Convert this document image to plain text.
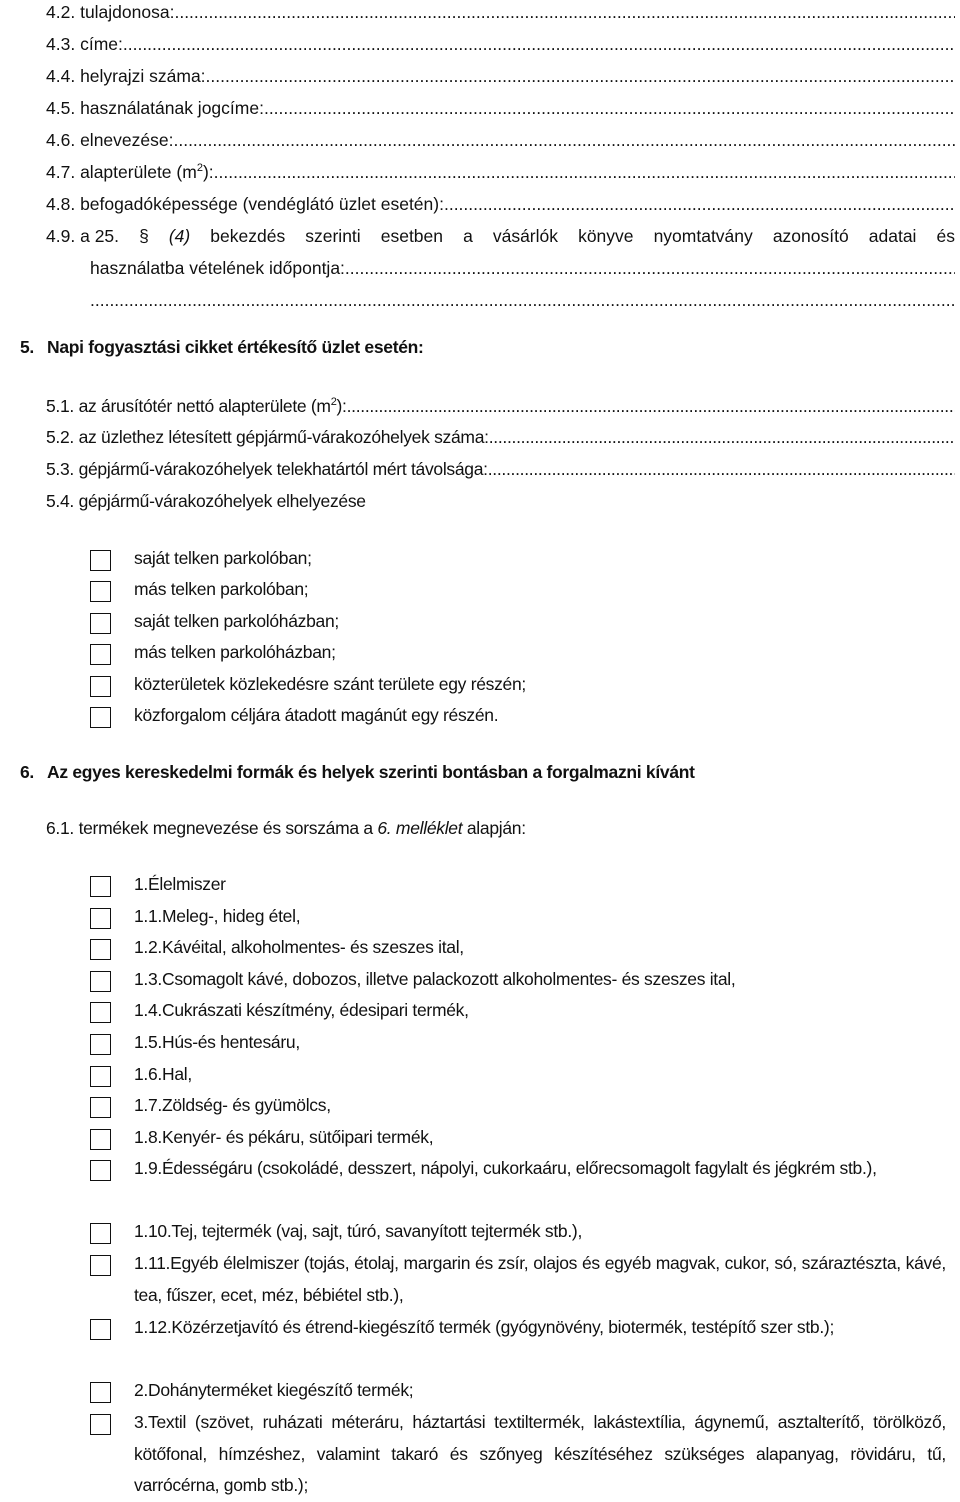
4.2.
tulajdonosa:
.....
4.3.
címe:
.....
4.4.
helyrajzi száma:
.....
4.5.
használatának jogcíme:
.....
4.6.
elnevezése:
.....
4.7.
alapterülete $(m^2)$:
.....
4.8.
befogadóképessége (vendéglátó üzlet esetén):
.....
4.9. a 25. § (4) bekezdés szerinti esetben a vásárlók könyve nyomtatvány azonosító adatai és
használatba vételének időpontja:
.....
.....
5. Napi fogyasztási cikket értékesítő üzlet esetén:
5.1.
az árusítótér nettó alapterülete $(m^2)$:
.....
5.2.
az üzlethez létesített gépjármű-várakozóhelyek száma:
.....
5.3.
gépjármű-várakozóhelyek telekhatártól mért távolsága:
.....
5.4.
gépjármű-várakozóhelyek elhelyezése
saját telken parkolóban;
más telken parkolóban;
saját telken parkolóházban;
más telken parkolóházban;
közterületek közlekedésre szánt területe egy részén;
közforgalom céljára átadott magánút egy részén.
6. Az egyes kereskedelmi formák és helyek szerinti bontásban a forgalmazni kívánt
6.1.
termékek megnevezése és sorszáma a
6. melléklet
alapján:
1.Élelmiszer
1.1.Meleg-, hideg étel,
1.2.Kávéital, alkoholmentes- és szeszes ital,
1.3.Csomagolt kávé, dobozos, illetve palackozott alkoholmentes- és szeszes ital,
1.4.Cukrászati készítmény, édesipari termék,
1.5.Hús-és hentesáru,
1.6.Hal,
1.7.Zöldség- és gyümölcs,
1.8.Kenyér- és pékáru, sütőipari termék,
1.9.Édességáru (csokoládé, desszert, nápolyi, cukorkaáru, előrecsomagolt fagylalt és jégkrém stb.),
1.10.Tej, tejtermék (vaj, sajt, túró, savanyított tejtermék stb.),
1.11.Egyéb élelmiszer (tojás, étolaj, margarin és zsír, olajos és egyéb magvak, cukor, só, száraztészta, kávé, tea, fűszer, ecet, méz, bébiétel stb.),
1.12.Közérzetjavító és étrend-kiegészítő termék (gyógynövény, biotermék, testépítő szer stb.);
2.Dohányterméket kiegészítő termék;
3.Textil (szövet, ruházati méteráru, háztartási textiltermék, lakástextília, ágynemű, asztalterítő, törölköző, kötőfonal, hímzéshez, valamint takaró és szőnyeg készítéséhez szükséges alapanyag, rövidáru, tű, varrócérna, gomb stb.);
